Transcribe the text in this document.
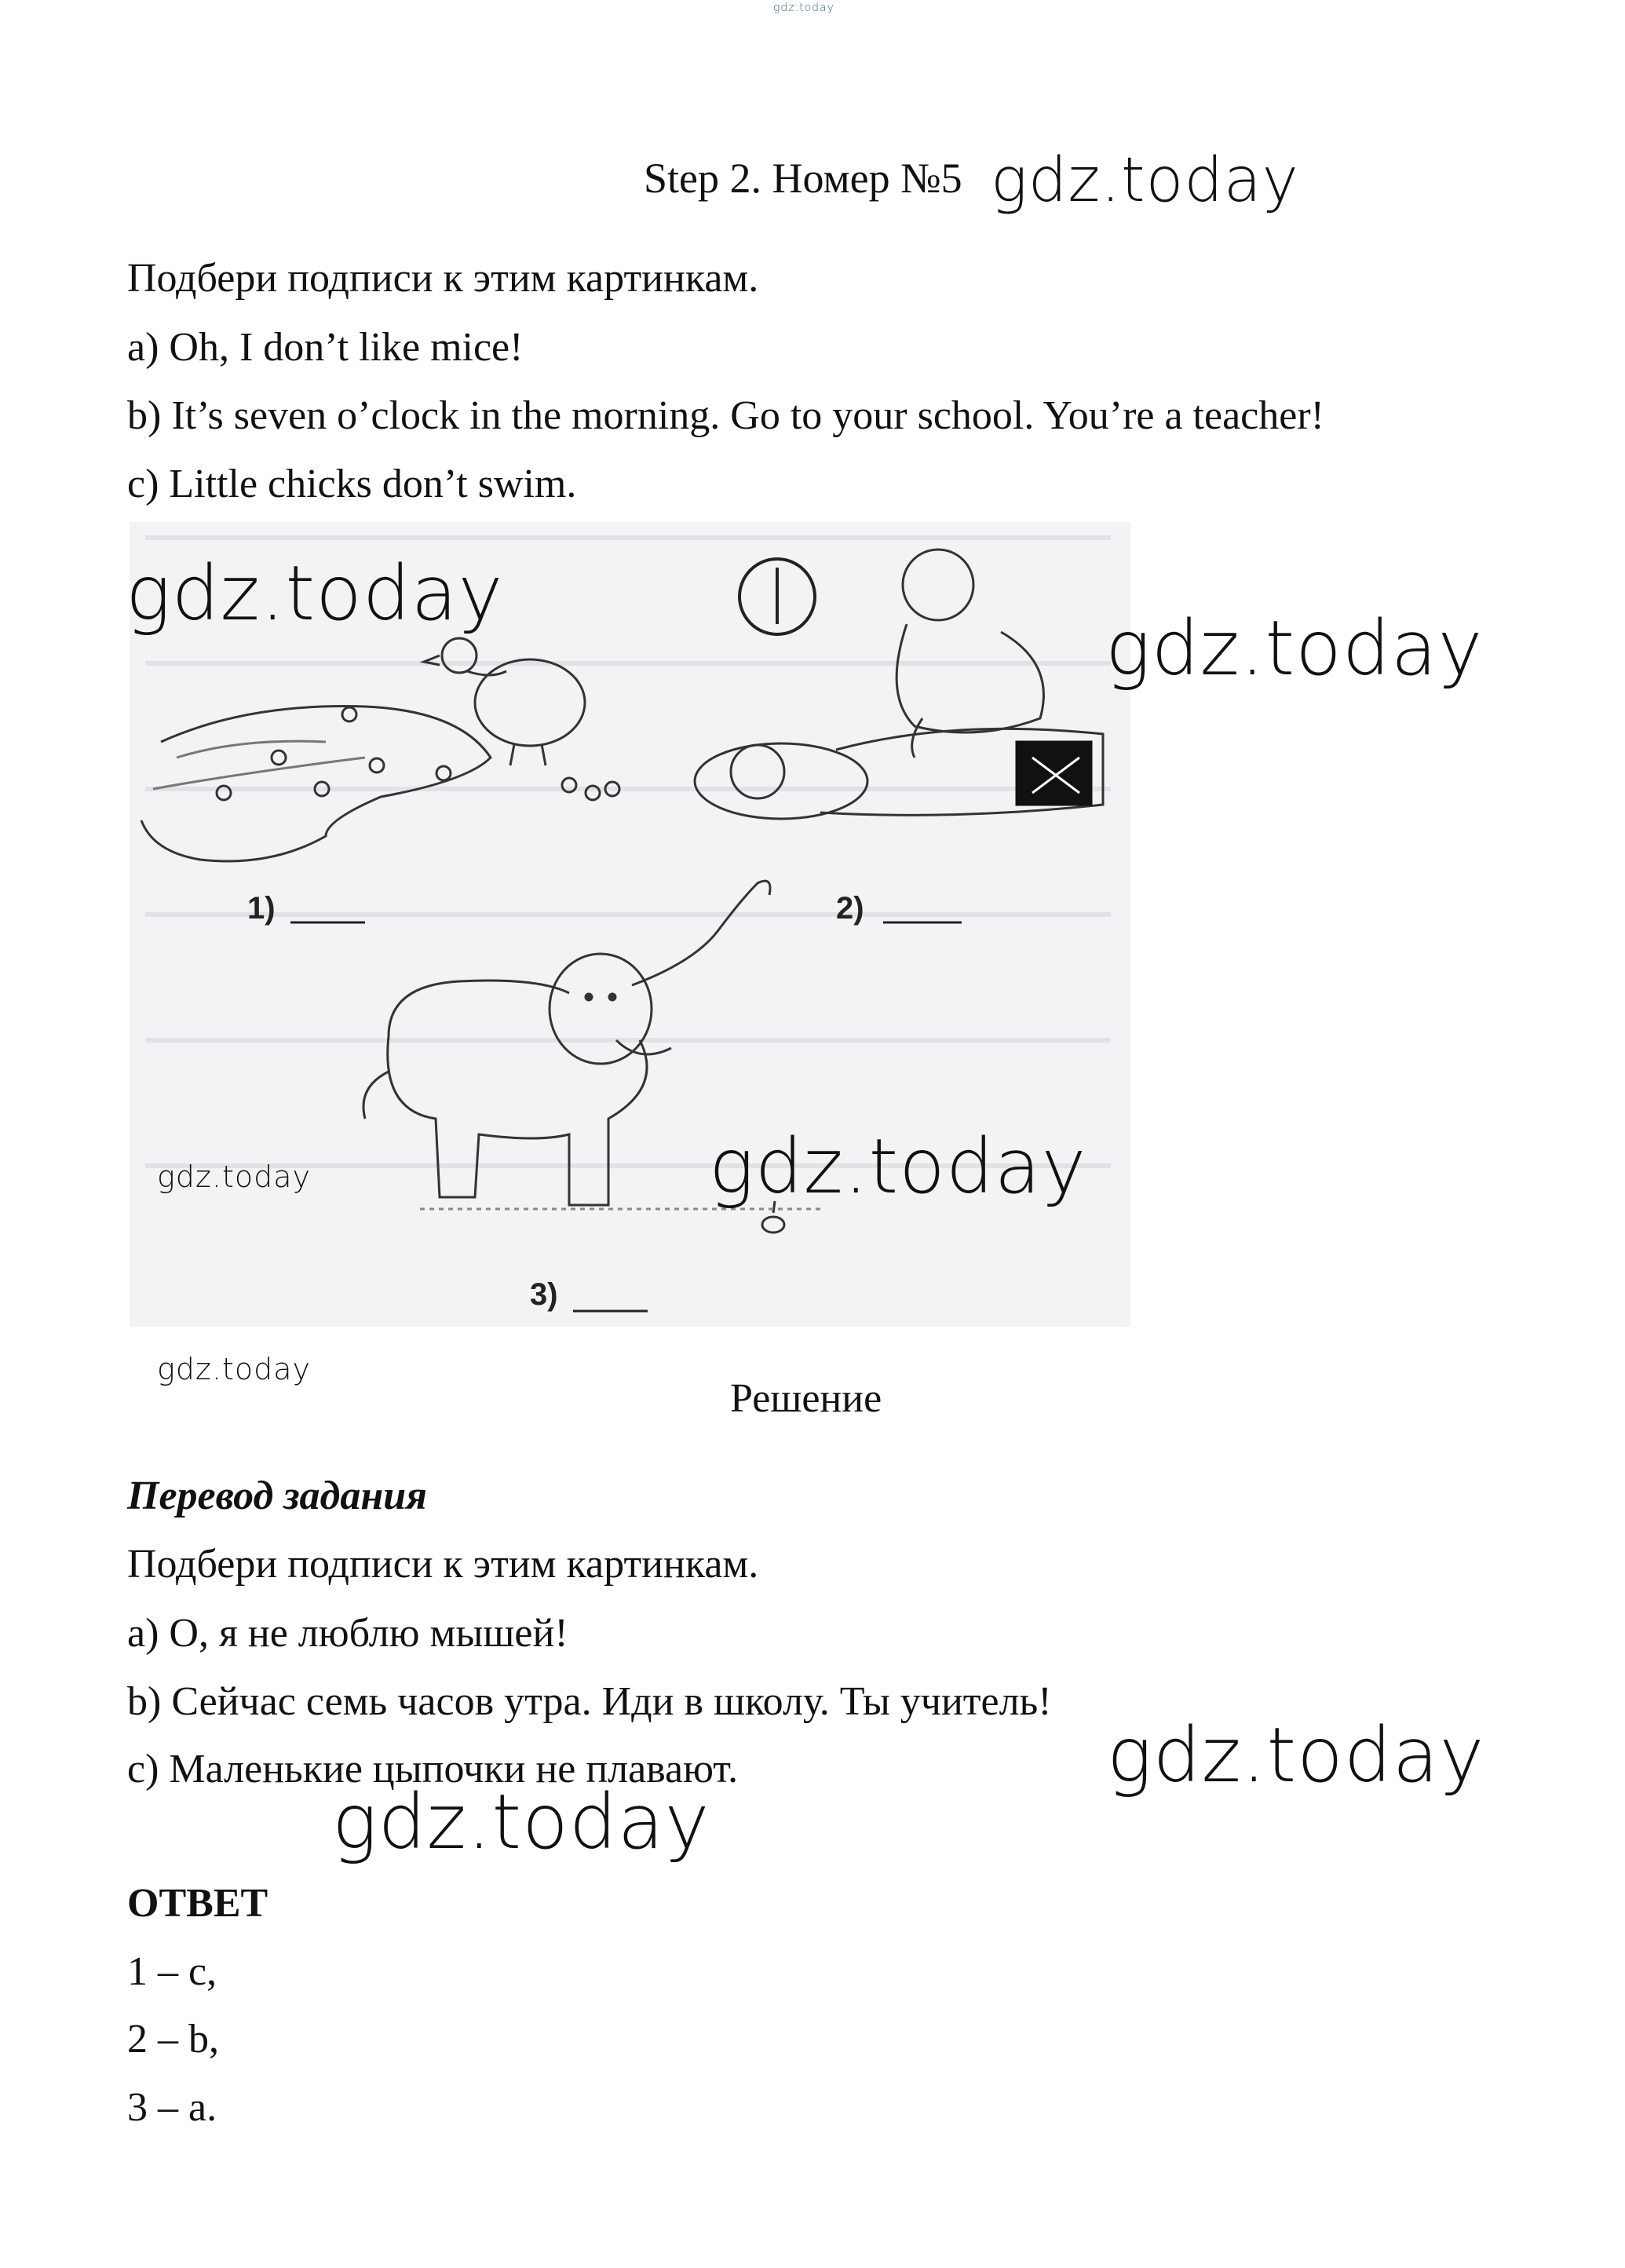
gdz.today
Step 2. Номер №5 gdz.today
Подбери подписи к этим картинкам.
a) Oh, I don’t like mice!
b) It’s seven o’clock in the morning. Go to your school. You’re a teacher!
c) Little chicks don’t swim.
1)	2)
3)
gdz.today
gdz.today
gdz.today
gdz.today
gdz.today
Решение
Перевод задания
Подбери подписи к этим картинкам.
a) О, я не люблю мышей!
b) Сейчас семь часов утра. Иди в школу. Ты учитель!
c) Маленькие цыпочки не плавают.	gdz.today
gdz.today
ОТВЕТ
1 – c,
2 – b,
3 – a.
